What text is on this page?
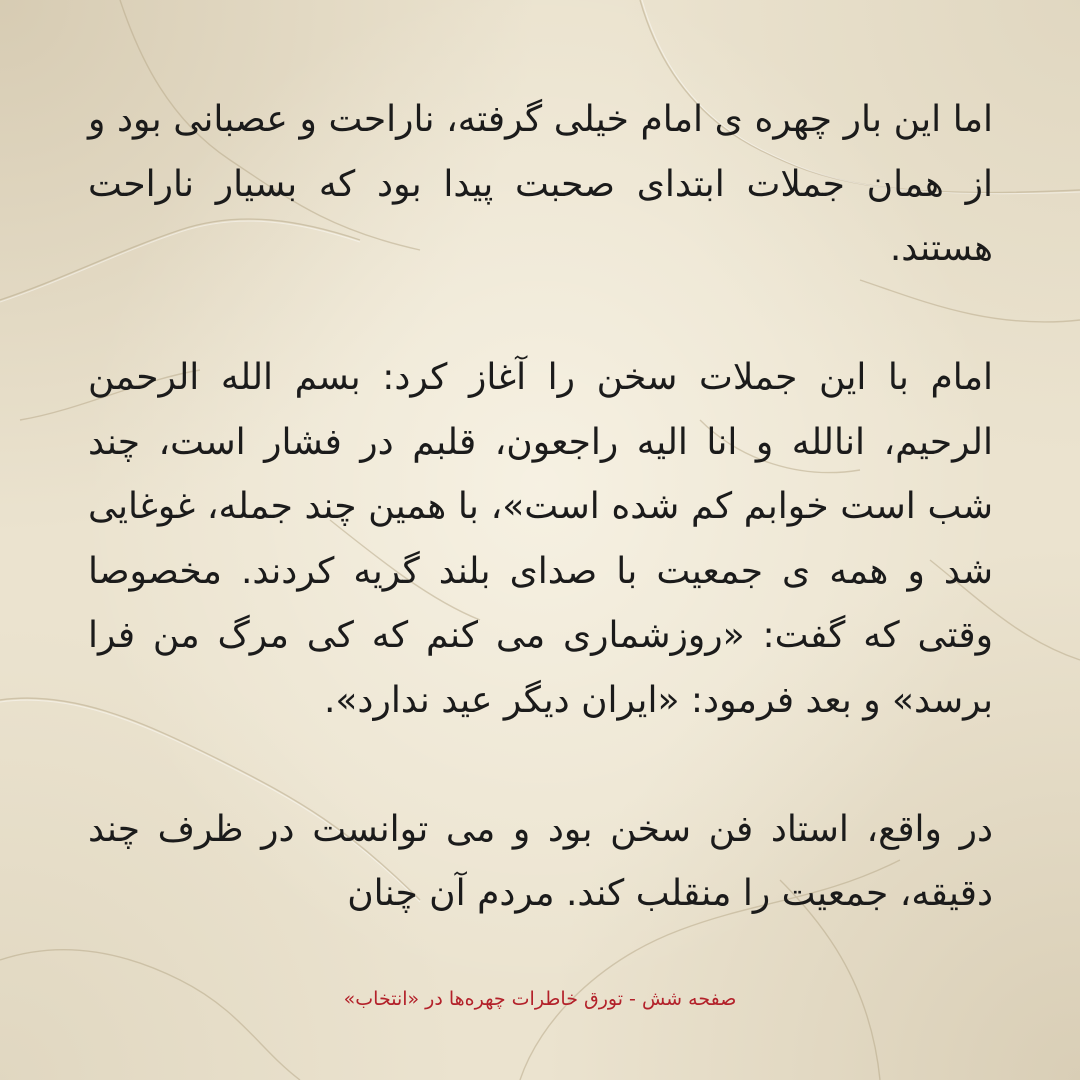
اما این بار چهره ی امام خیلی گرفته، ناراحت و عصبانی بود و از همان جملات ابتدای صحبت پیدا بود که بسیار ناراحت هستند.

امام با این جملات سخن را آغاز کرد: بسم الله الرحمن الرحیم، انالله و انا الیه راجعون، قلبم در فشار است، چند شب است خوابم کم شده است»، با همین چند جمله، غوغایی شد و همه ی جمعیت با صدای بلند گریه کردند. مخصوصا وقتی که گفت: «روزشماری می کنم که کی مرگ من فرا برسد» و بعد فرمود: «ایران دیگر عید ندارد».

در واقع، استاد فن سخن بود و می توانست در ظرف چند دقیقه، جمعیت را منقلب کند. مردم آن چنان

صفحه شش - تورق خاطرات چهره‌ها در «انتخاب»
